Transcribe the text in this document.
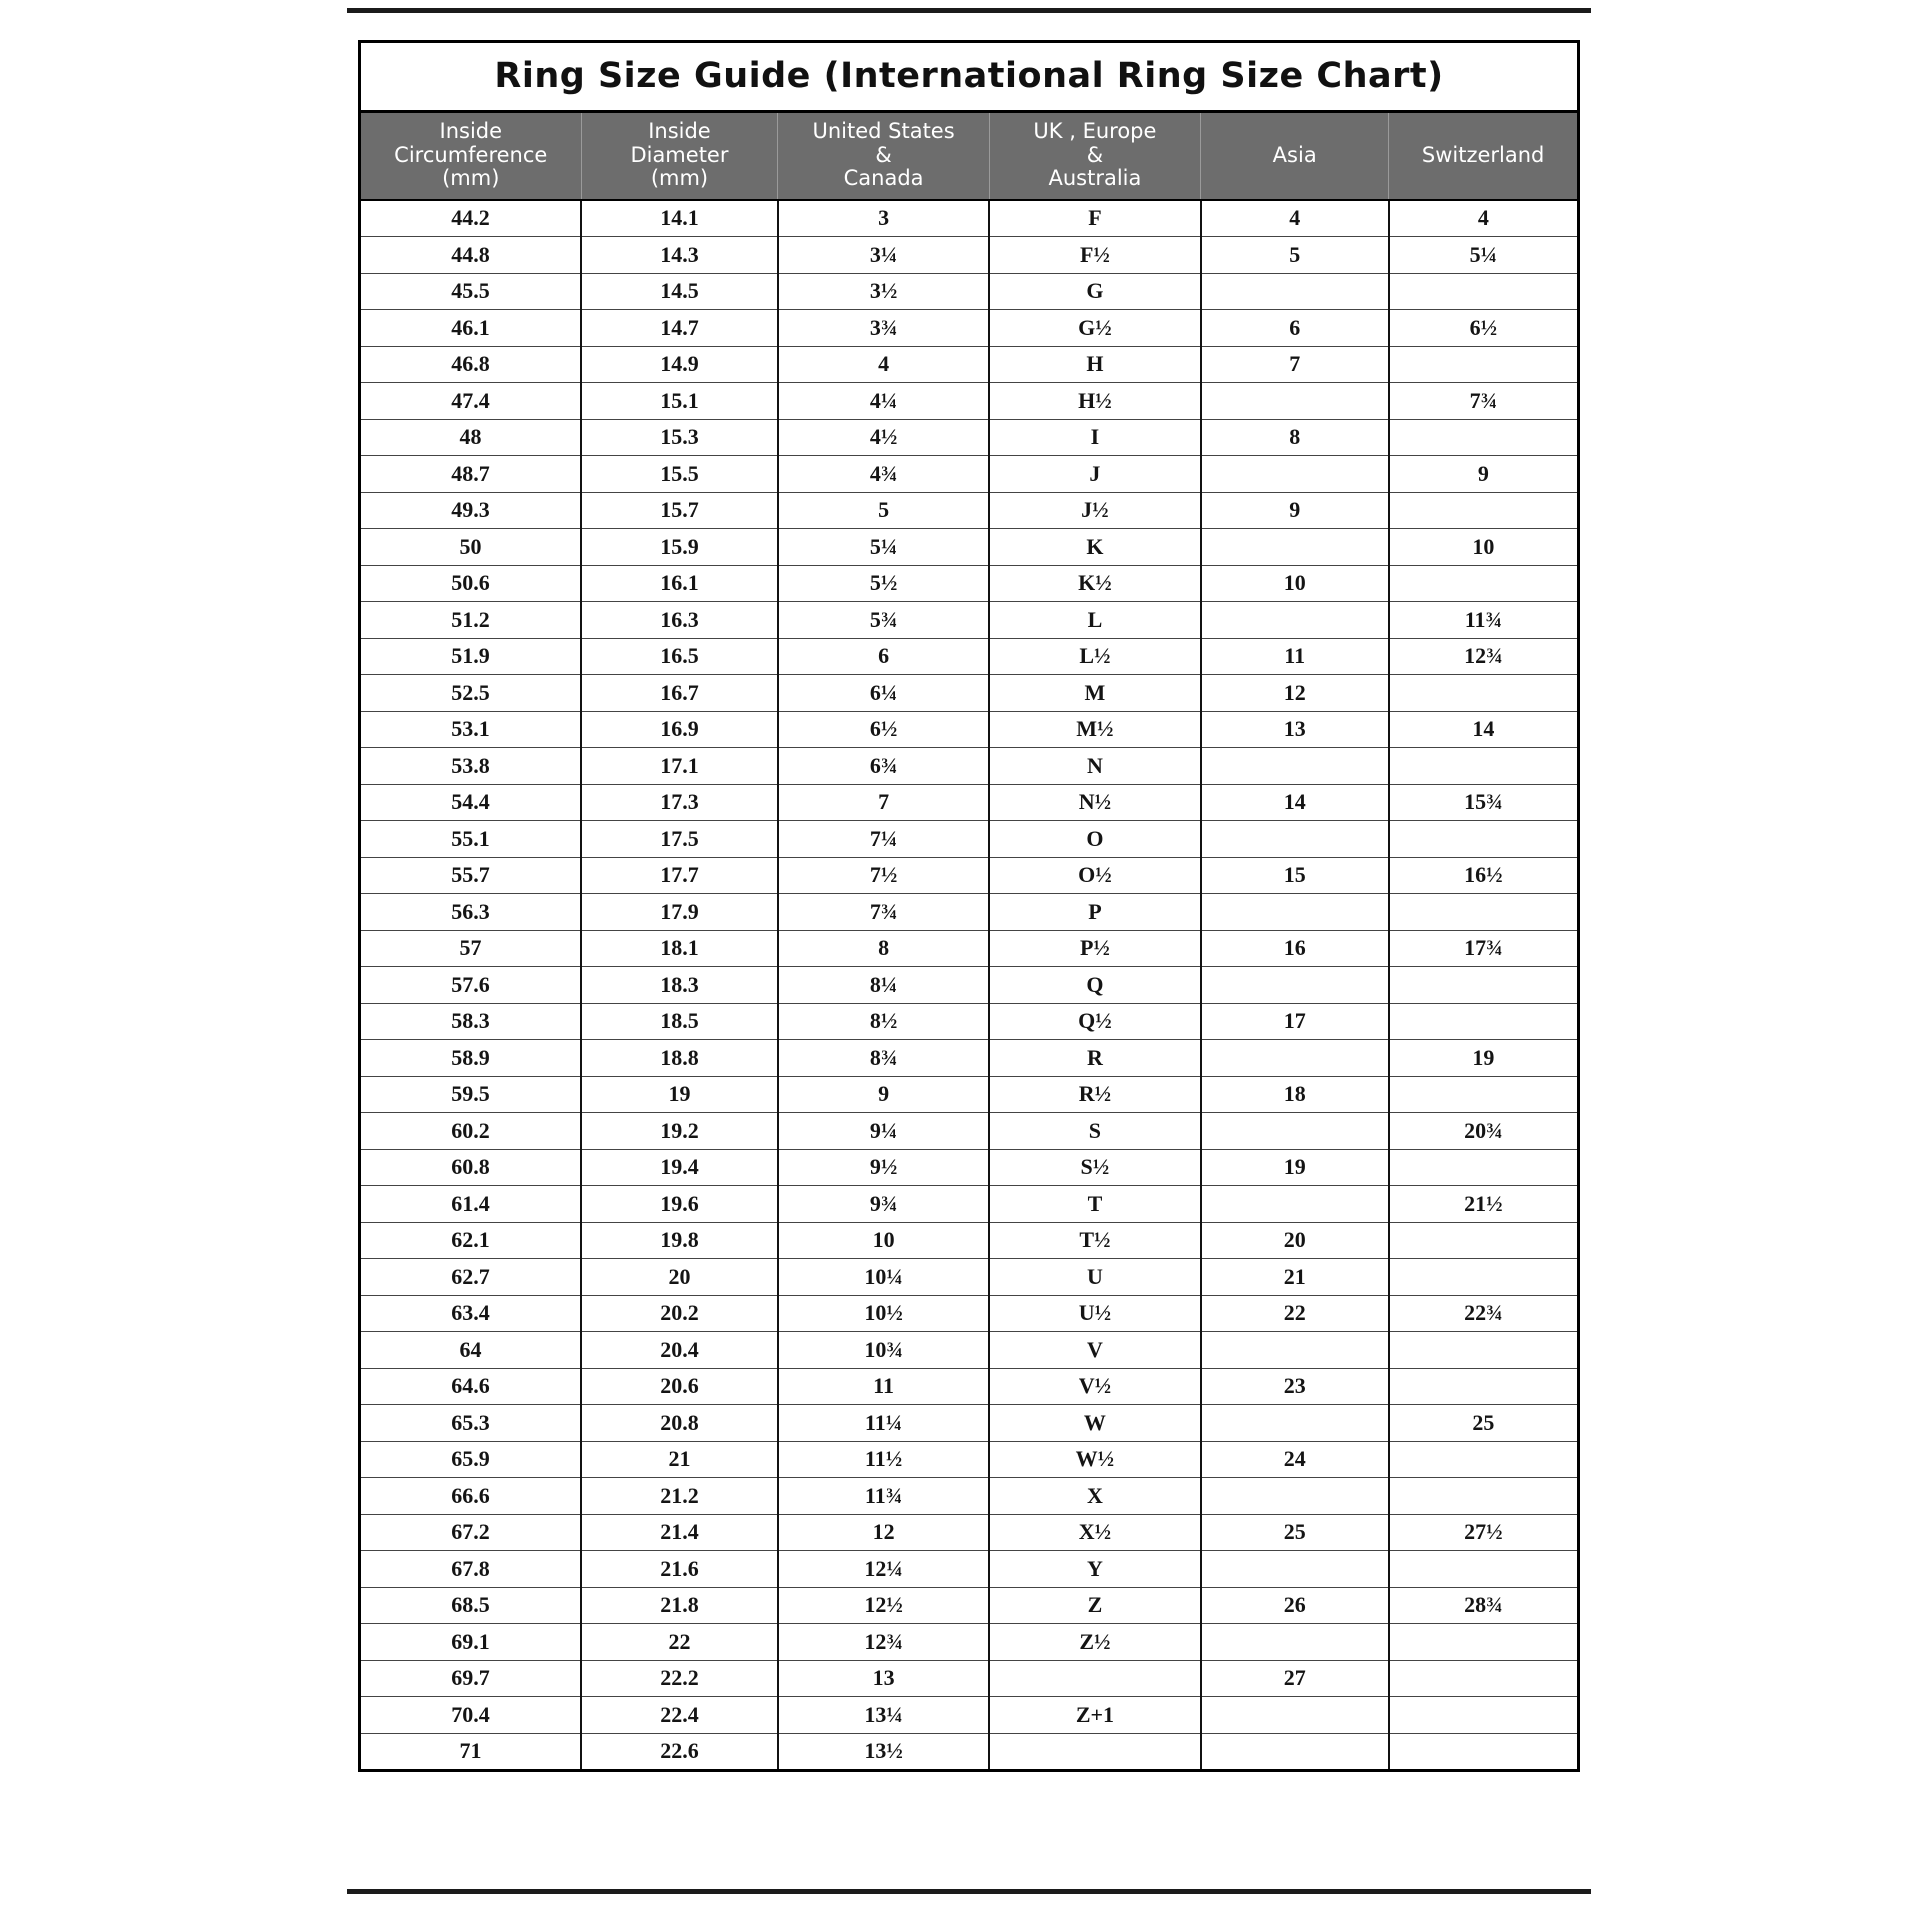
Ring Size Guide (International Ring Size Chart)
Inside
Circumference
(mm)	Inside
Diameter
(mm)	United States
&
Canada	UK , Europe
&
Australia	Asia	Switzerland

44.2	14.1	3	F	4	4
44.8	14.3	3¼	F½	5	5¼
45.5	14.5	3½	G		
46.1	14.7	3¾	G½	6	6½
46.8	14.9	4	H	7	
47.4	15.1	4¼	H½		7¾
48	15.3	4½	I	8	
48.7	15.5	4¾	J		9
49.3	15.7	5	J½	9	
50	15.9	5¼	K		10
50.6	16.1	5½	K½	10	
51.2	16.3	5¾	L		11¾
51.9	16.5	6	L½	11	12¾
52.5	16.7	6¼	M	12	
53.1	16.9	6½	M½	13	14
53.8	17.1	6¾	N		
54.4	17.3	7	N½	14	15¾
55.1	17.5	7¼	O		
55.7	17.7	7½	O½	15	16½
56.3	17.9	7¾	P		
57	18.1	8	P½	16	17¾
57.6	18.3	8¼	Q		
58.3	18.5	8½	Q½	17	
58.9	18.8	8¾	R		19
59.5	19	9	R½	18	
60.2	19.2	9¼	S		20¾
60.8	19.4	9½	S½	19	
61.4	19.6	9¾	T		21½
62.1	19.8	10	T½	20	
62.7	20	10¼	U	21	
63.4	20.2	10½	U½	22	22¾
64	20.4	10¾	V		
64.6	20.6	11	V½	23	
65.3	20.8	11¼	W		25
65.9	21	11½	W½	24	
66.6	21.2	11¾	X		
67.2	21.4	12	X½	25	27½
67.8	21.6	12¼	Y		
68.5	21.8	12½	Z	26	28¾
69.1	22	12¾	Z½		
69.7	22.2	13		27	
70.4	22.4	13¼	Z+1		
71	22.6	13½			
